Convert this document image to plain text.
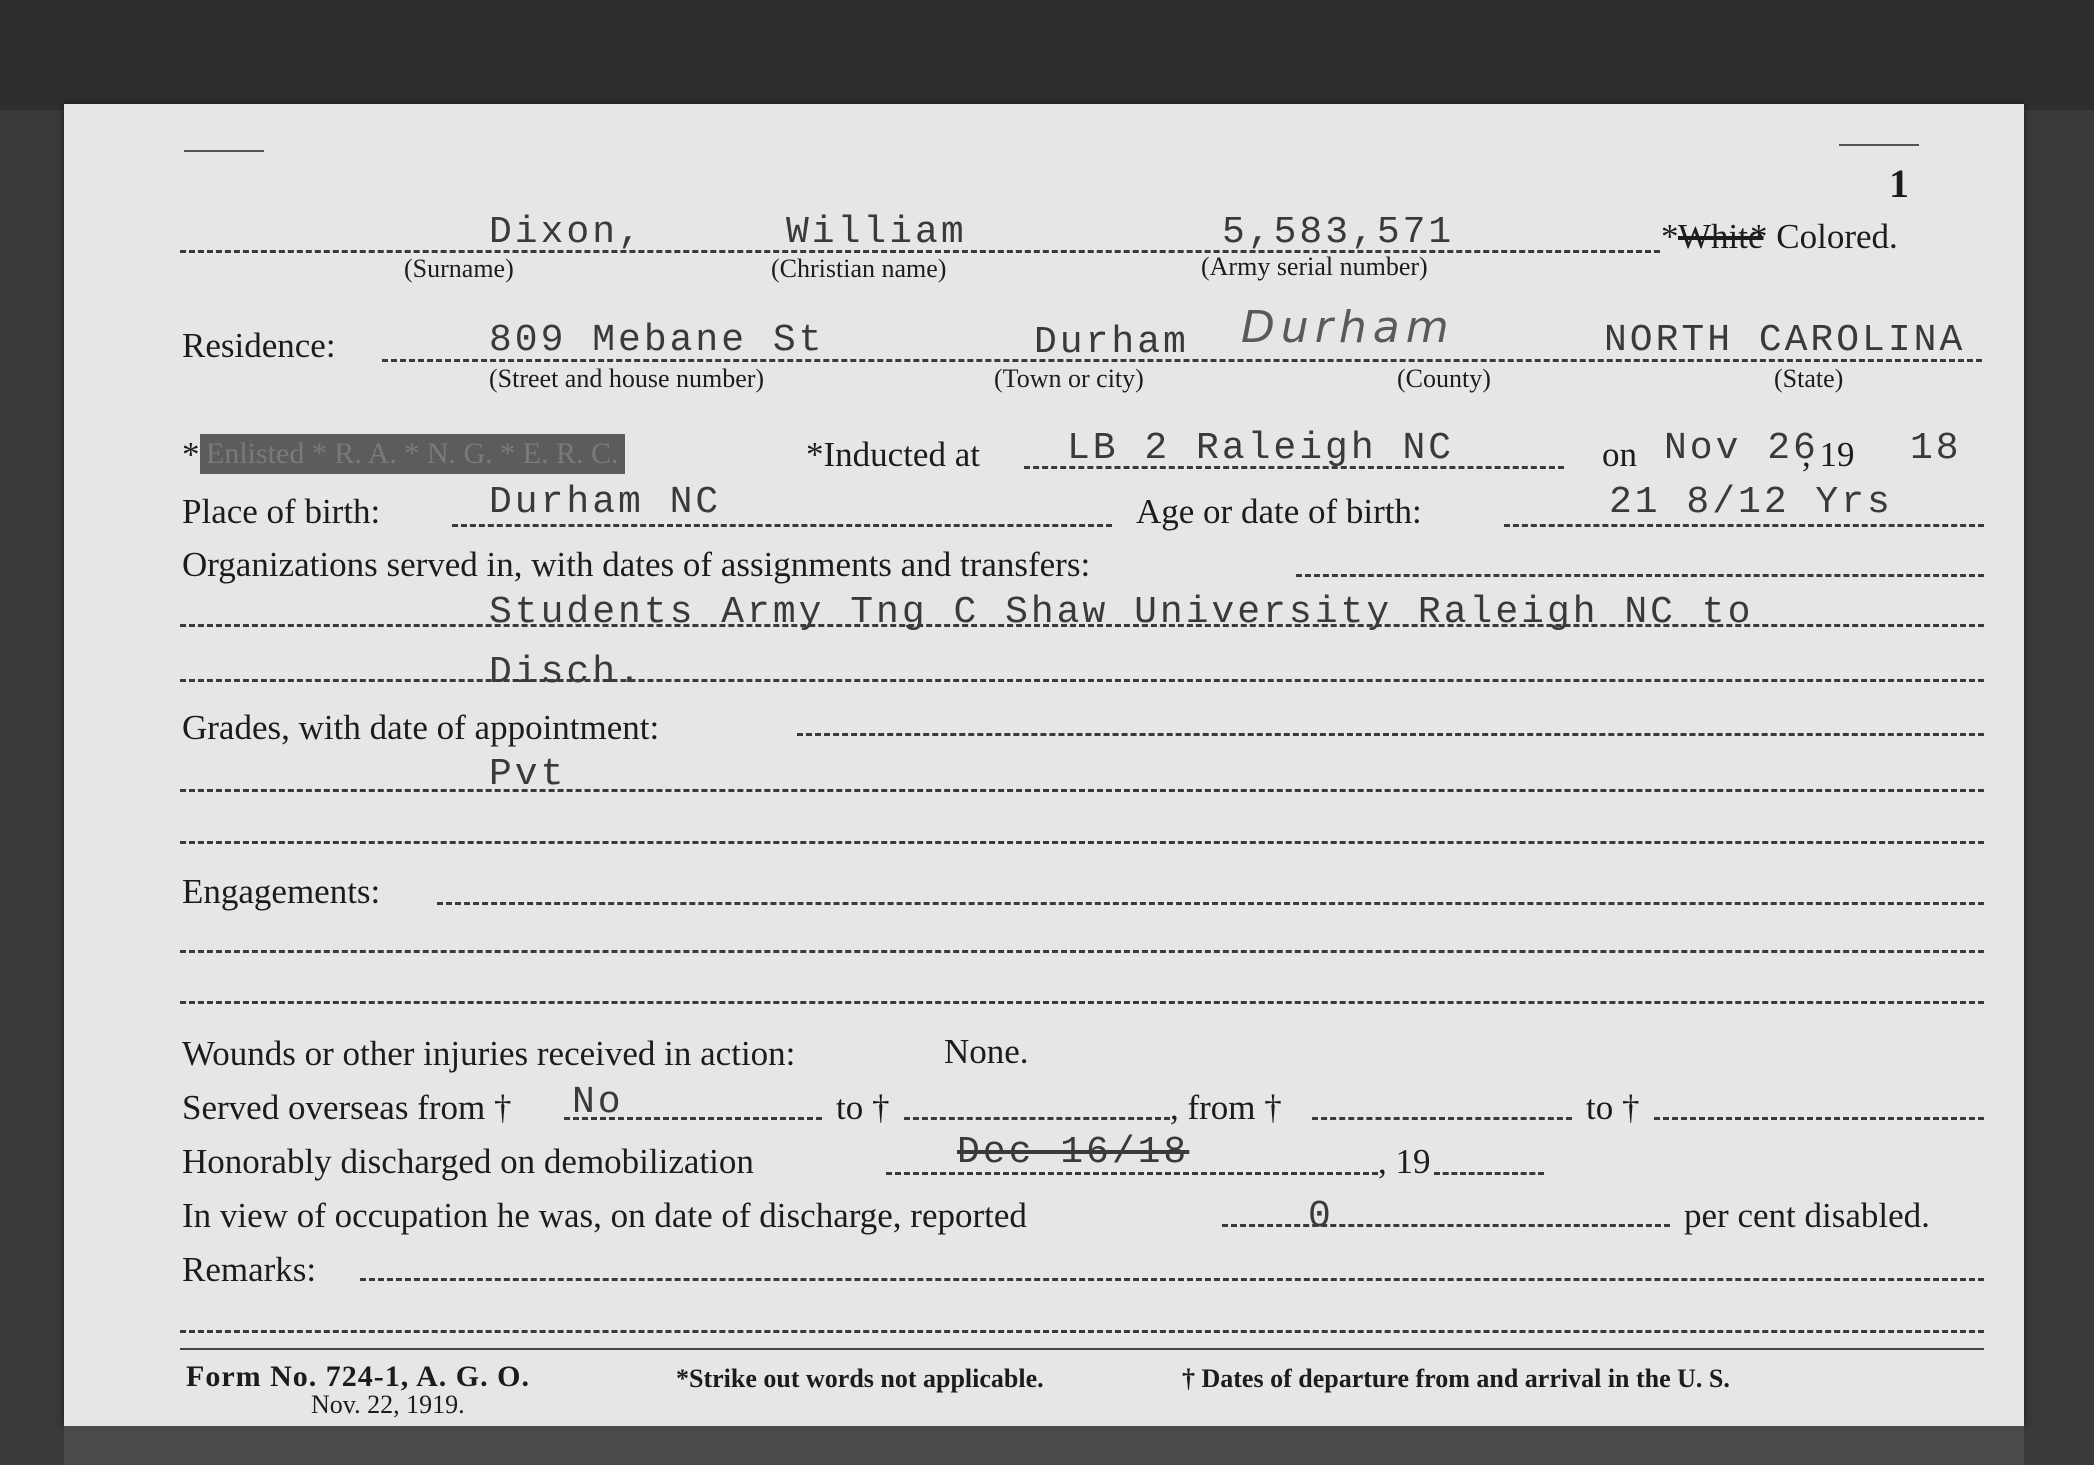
1
Dixon,	William	5,583,571	* White
* Colored.
(Surname)	(Christian name)	(Army serial number)
Residence:	809 Mebane St	Durham Durham	NORTH CAROLINA
(Street and house number)	(Town or city)	(County)	(State)
* Enlisted * R. A. * N. G. * E. R. C.	*Inducted at LB 2 Raleigh NC	on Nov 26
, 19 18
Place of birth:	Durham NC	Age or date of birth:	21 8/12 Yrs
Organizations served in, with dates of assignments and transfers:
Students Army Tng C Shaw University Raleigh NC to
Disch.
Grades, with date of appointment:
Pvt
Engagements:
Wounds or other injuries received in action:	None.
Served overseas from † No	to †	, from †	to †
Honorably discharged on demobilization	Dec 16/18	, 19
In view of occupation he was, on date of discharge, reported	0	per cent disabled.
Remarks:
Form No. 724-1, A. G. O.
Nov. 22, 1919.
*Strike out words not applicable.	† Dates of departure from and arrival in the U. S.
